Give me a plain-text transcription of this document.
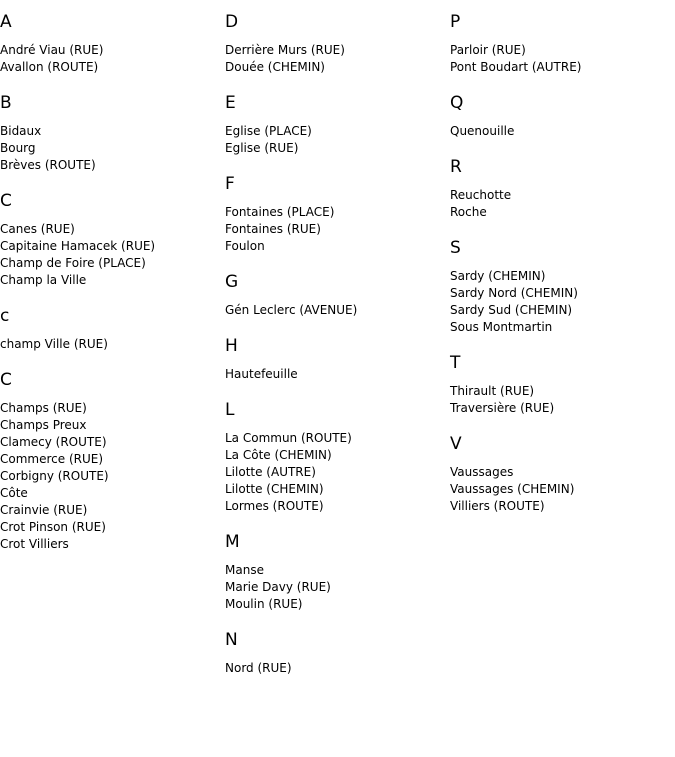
A
André Viau (RUE)
Avallon (ROUTE)
B
Bidaux
Bourg
Brèves (ROUTE)
C
Canes (RUE)
Capitaine Hamacek (RUE)
Champ de Foire (PLACE)
Champ la Ville
c
champ Ville (RUE)
C
Champs (RUE)
Champs Preux
Clamecy (ROUTE)
Commerce (RUE)
Corbigny (ROUTE)
Côte
Crainvie (RUE)
Crot Pinson (RUE)
Crot Villiers
D
Derrière Murs (RUE)
Douée (CHEMIN)
E
Eglise (PLACE)
Eglise (RUE)
F
Fontaines (PLACE)
Fontaines (RUE)
Foulon
G
Gén Leclerc (AVENUE)
H
Hautefeuille
L
La Commun (ROUTE)
La Côte (CHEMIN)
Lilotte (AUTRE)
Lilotte (CHEMIN)
Lormes (ROUTE)
M
Manse
Marie Davy (RUE)
Moulin (RUE)
N
Nord (RUE)
P
Parloir (RUE)
Pont Boudart (AUTRE)
Q
Quenouille
R
Reuchotte
Roche
S
Sardy (CHEMIN)
Sardy Nord (CHEMIN)
Sardy Sud (CHEMIN)
Sous Montmartin
T
Thirault (RUE)
Traversière (RUE)
V
Vaussages
Vaussages (CHEMIN)
Villiers (ROUTE)
